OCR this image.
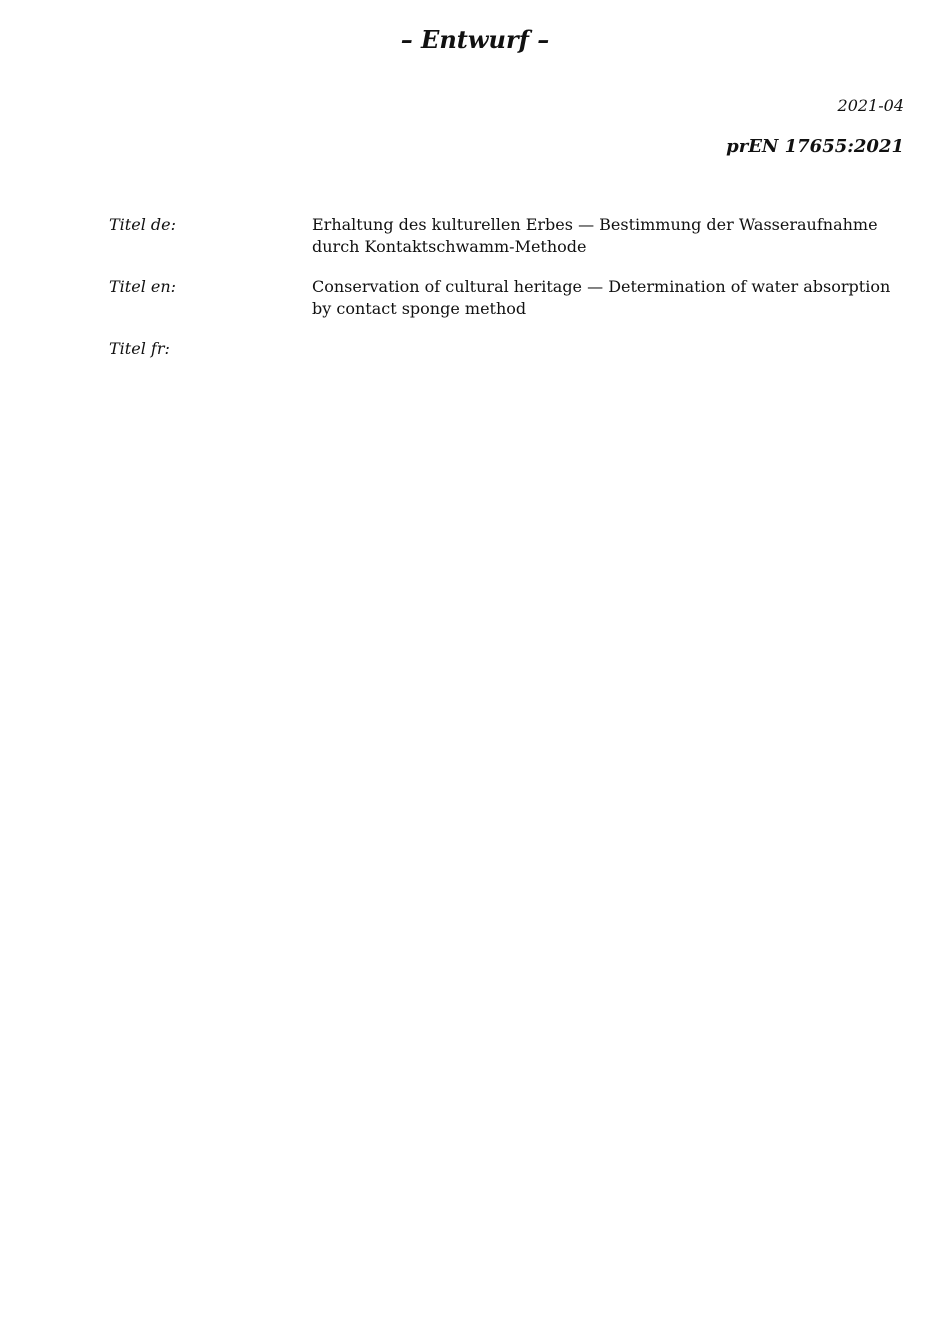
– Entwurf –
2021-04
prEN 17655:2021
Titel de:	Erhaltung des kulturellen Erbes — Bestimmung der Wasseraufnahme durch Kontaktschwamm-Methode
Titel en:	Conservation of cultural heritage — Determination of water absorption by contact sponge method
Titel fr:
